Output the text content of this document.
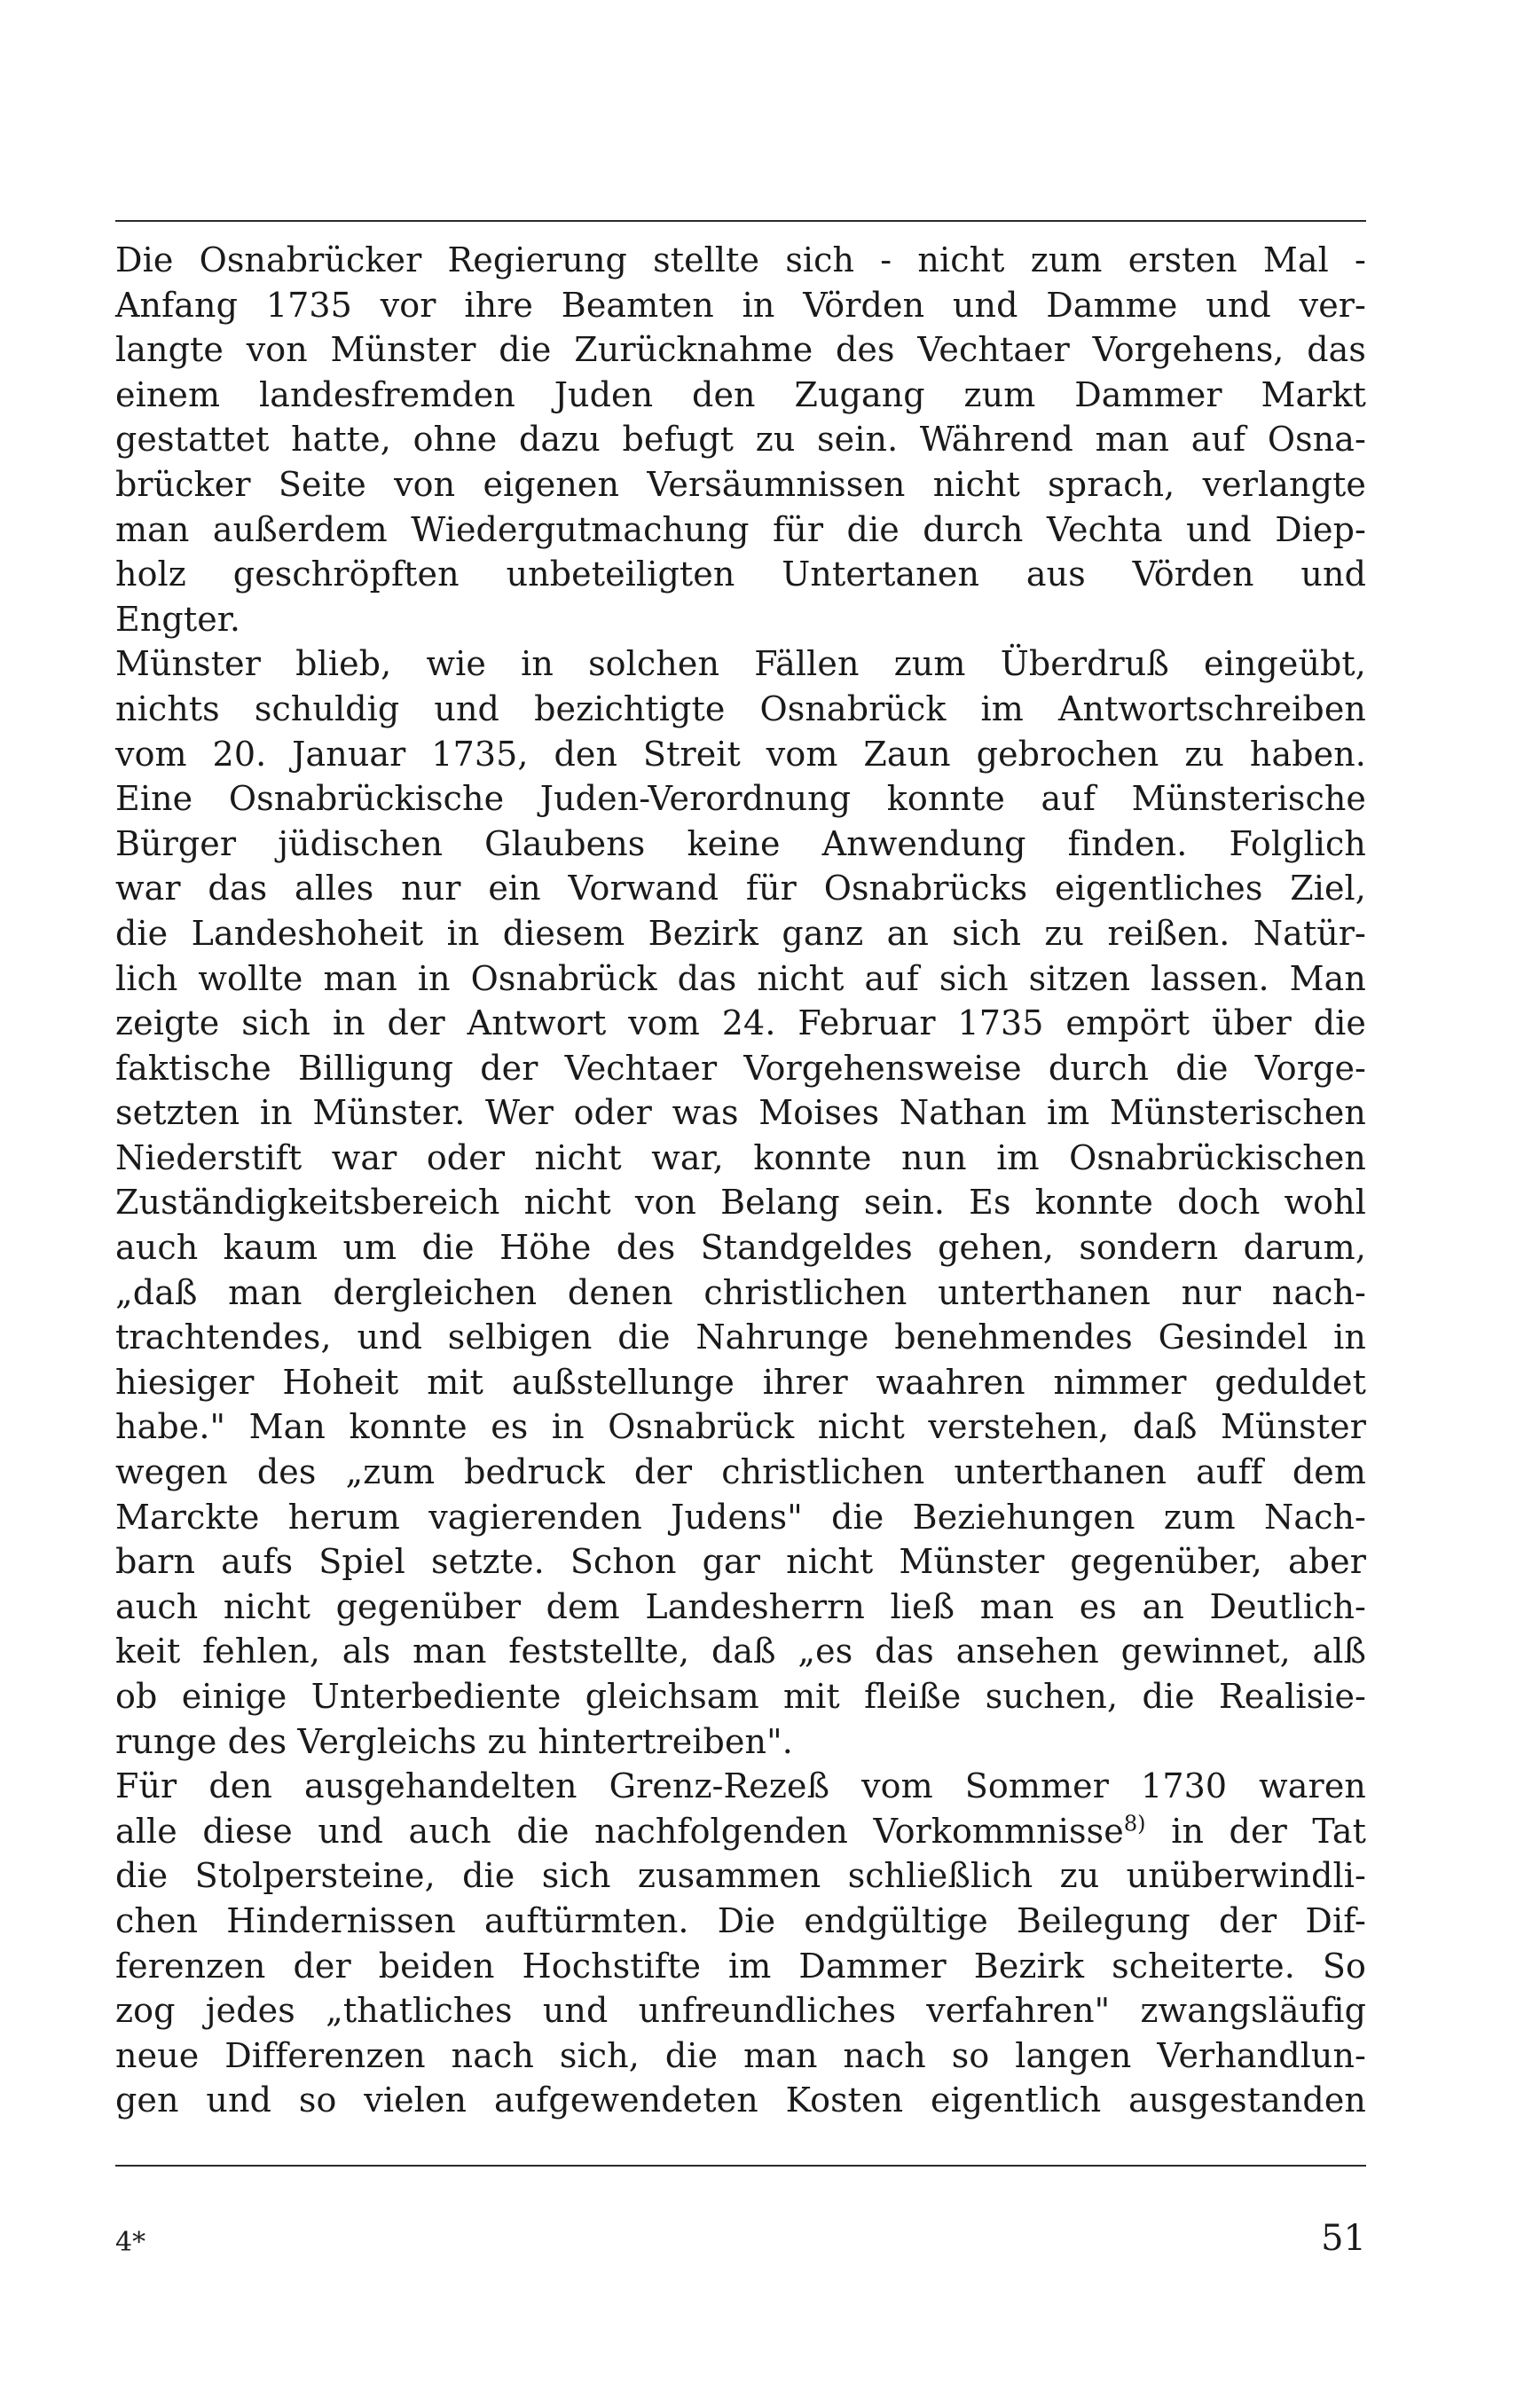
Die Osnabrücker Regierung stellte sich - nicht zum ersten Mal -
Anfang 1735 vor ihre Beamten in Vörden und Damme und ver-
langte von Münster die Zurücknahme des Vechtaer Vorgehens, das
einem landesfremden Juden den Zugang zum Dammer Markt
gestattet hatte, ohne dazu befugt zu sein. Während man auf Osna-
brücker Seite von eigenen Versäumnissen nicht sprach, verlangte
man außerdem Wiedergutmachung für die durch Vechta und Diep-
holz geschröpften unbeteiligten Untertanen aus Vörden und
Engter.
Münster blieb, wie in solchen Fällen zum Überdruß eingeübt,
nichts schuldig und bezichtigte Osnabrück im Antwortschreiben
vom 20. Januar 1735, den Streit vom Zaun gebrochen zu haben.
Eine Osnabrückische Juden-Verordnung konnte auf Münsterische
Bürger jüdischen Glaubens keine Anwendung finden. Folglich
war das alles nur ein Vorwand für Osnabrücks eigentliches Ziel,
die Landeshoheit in diesem Bezirk ganz an sich zu reißen. Natür-
lich wollte man in Osnabrück das nicht auf sich sitzen lassen. Man
zeigte sich in der Antwort vom 24. Februar 1735 empört über die
faktische Billigung der Vechtaer Vorgehensweise durch die Vorge-
setzten in Münster. Wer oder was Moises Nathan im Münsterischen
Niederstift war oder nicht war, konnte nun im Osnabrückischen
Zuständigkeitsbereich nicht von Belang sein. Es konnte doch wohl
auch kaum um die Höhe des Standgeldes gehen, sondern darum,
„daß man dergleichen denen christlichen unterthanen nur nach-
trachtendes, und selbigen die Nahrunge benehmendes Gesindel in
hiesiger Hoheit mit außstellunge ihrer waahren nimmer geduldet
habe." Man konnte es in Osnabrück nicht verstehen, daß Münster
wegen des „zum bedruck der christlichen unterthanen auff dem
Marckte herum vagierenden Judens" die Beziehungen zum Nach-
barn aufs Spiel setzte. Schon gar nicht Münster gegenüber, aber
auch nicht gegenüber dem Landesherrn ließ man es an Deutlich-
keit fehlen, als man feststellte, daß „es das ansehen gewinnet, alß
ob einige Unterbediente gleichsam mit fleiße suchen, die Realisie-
runge des Vergleichs zu hintertreiben".
Für den ausgehandelten Grenz-Rezeß vom Sommer 1730 waren
alle diese und auch die nachfolgenden Vorkommnisse$^{8)}$ in der Tat
die Stolpersteine, die sich zusammen schließlich zu unüberwindli-
chen Hindernissen auftürmten. Die endgültige Beilegung der Dif-
ferenzen der beiden Hochstifte im Dammer Bezirk scheiterte. So
zog jedes „thatliches und unfreundliches verfahren" zwangsläufig
neue Differenzen nach sich, die man nach so langen Verhandlun-
gen und so vielen aufgewendeten Kosten eigentlich ausgestanden
4*	51
